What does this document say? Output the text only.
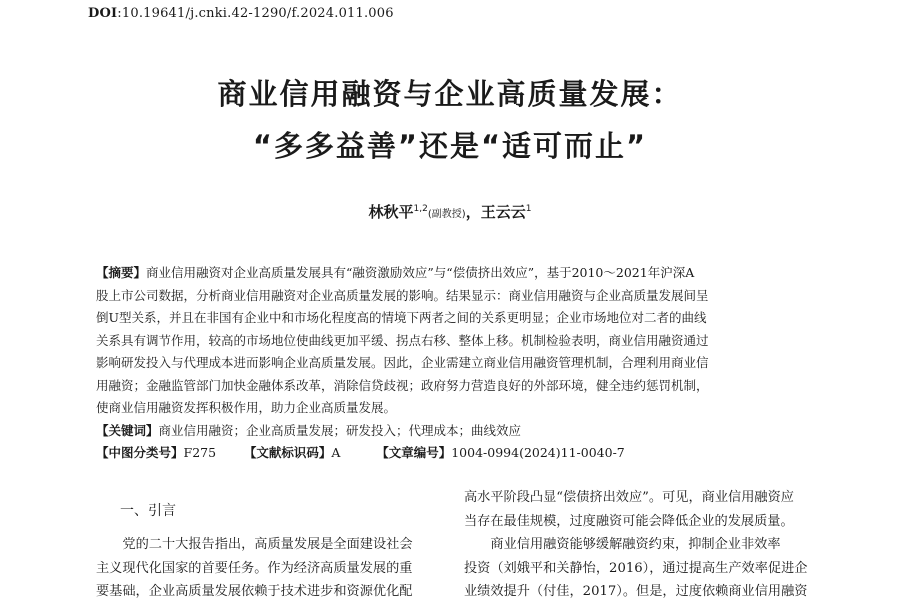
DOI:10.19641/j.cnki.42-1290/f.2024.011.006
商业信用融资与企业高质量发展：
“多多益善”还是“适可而止”
林秋平$^{1,2}$(副教授)，王云云$^1$
【摘要】商业信用融资对企业高质量发展具有“融资激励效应”与“偿债挤出效应”，基于2010～2021年沪深A
股上市公司数据，分析商业信用融资对企业高质量发展的影响。结果显示：商业信用融资与企业高质量发展间呈
倒U型关系，并且在非国有企业中和市场化程度高的情境下两者之间的关系更明显；企业市场地位对二者的曲线
关系具有调节作用，较高的市场地位使曲线更加平缓、拐点右移、整体上移。机制检验表明，商业信用融资通过
影响研发投入与代理成本进而影响企业高质量发展。因此，企业需建立商业信用融资管理机制，合理利用商业信
用融资；金融监管部门加快金融体系改革，消除信贷歧视；政府努力营造良好的外部环境，健全违约惩罚机制，
使商业信用融资发挥积极作用，助力企业高质量发展。
【关键词】商业信用融资；企业高质量发展；研发投入；代理成本；曲线效应
【中图分类号】F275 【文献标识码】A	【文章编号】1004-0994(2024)11-0040-7
一、引言
党的二十大报告指出，高质量发展是全面建设社会
主义现代化国家的首要任务。作为经济高质量发展的重
要基础，企业高质量发展依赖于技术进步和资源优化配
高水平阶段凸显“偿债挤出效应”。可见，商业信用融资应
当存在最佳规模，过度融资可能会降低企业的发展质量。
商业信用融资能够缓解融资约束，抑制企业非效率
投资（刘娥平和关静怡，2016），通过提高生产效率促进企
业绩效提升（付佳，2017）。但是，过度依赖商业信用融资
